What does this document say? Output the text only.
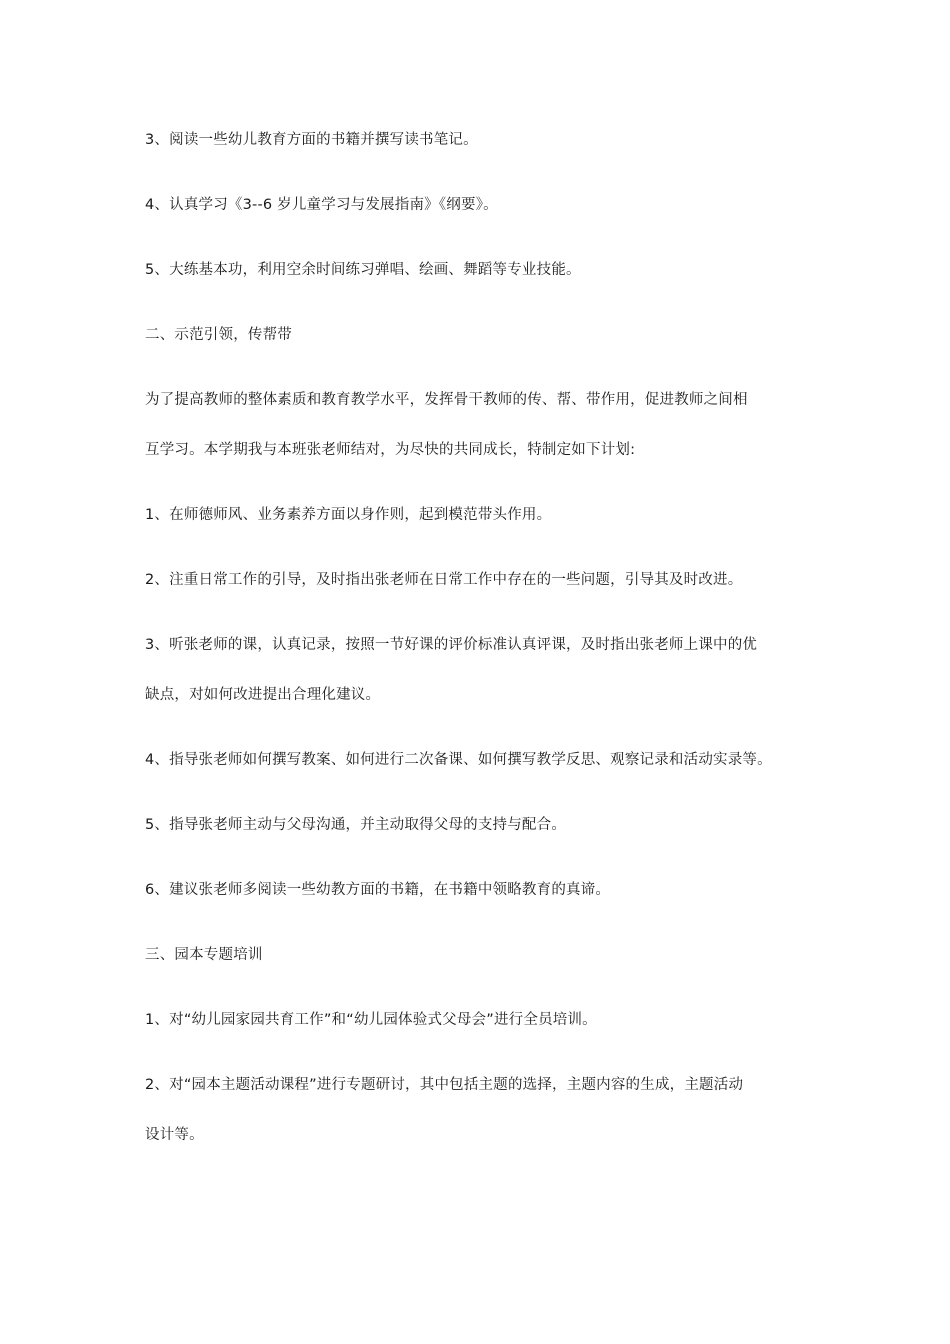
3、阅读一些幼儿教育方面的书籍并撰写读书笔记。
4、认真学习《3--6 岁儿童学习与发展指南》《纲要》。
5、大练基本功，利用空余时间练习弹唱、绘画、舞蹈等专业技能。
二、示范引领，传帮带
为了提高教师的整体素质和教育教学水平，发挥骨干教师的传、帮、带作用，促进教师之间相
互学习。本学期我与本班张老师结对，为尽快的共同成长，特制定如下计划:
1、在师德师风、业务素养方面以身作则，起到模范带头作用。
2、注重日常工作的引导，及时指出张老师在日常工作中存在的一些问题，引导其及时改进。
3、听张老师的课，认真记录，按照一节好课的评价标准认真评课，及时指出张老师上课中的优
缺点，对如何改进提出合理化建议。
4、指导张老师如何撰写教案、如何进行二次备课、如何撰写教学反思、观察记录和活动实录等。
5、指导张老师主动与父母沟通，并主动取得父母的支持与配合。
6、建议张老师多阅读一些幼教方面的书籍，在书籍中领略教育的真谛。
三、园本专题培训
1、对“幼儿园家园共育工作”和“幼儿园体验式父母会”进行全员培训。
2、对“园本主题活动课程”进行专题研讨，其中包括主题的选择，主题内容的生成，主题活动
设计等。
